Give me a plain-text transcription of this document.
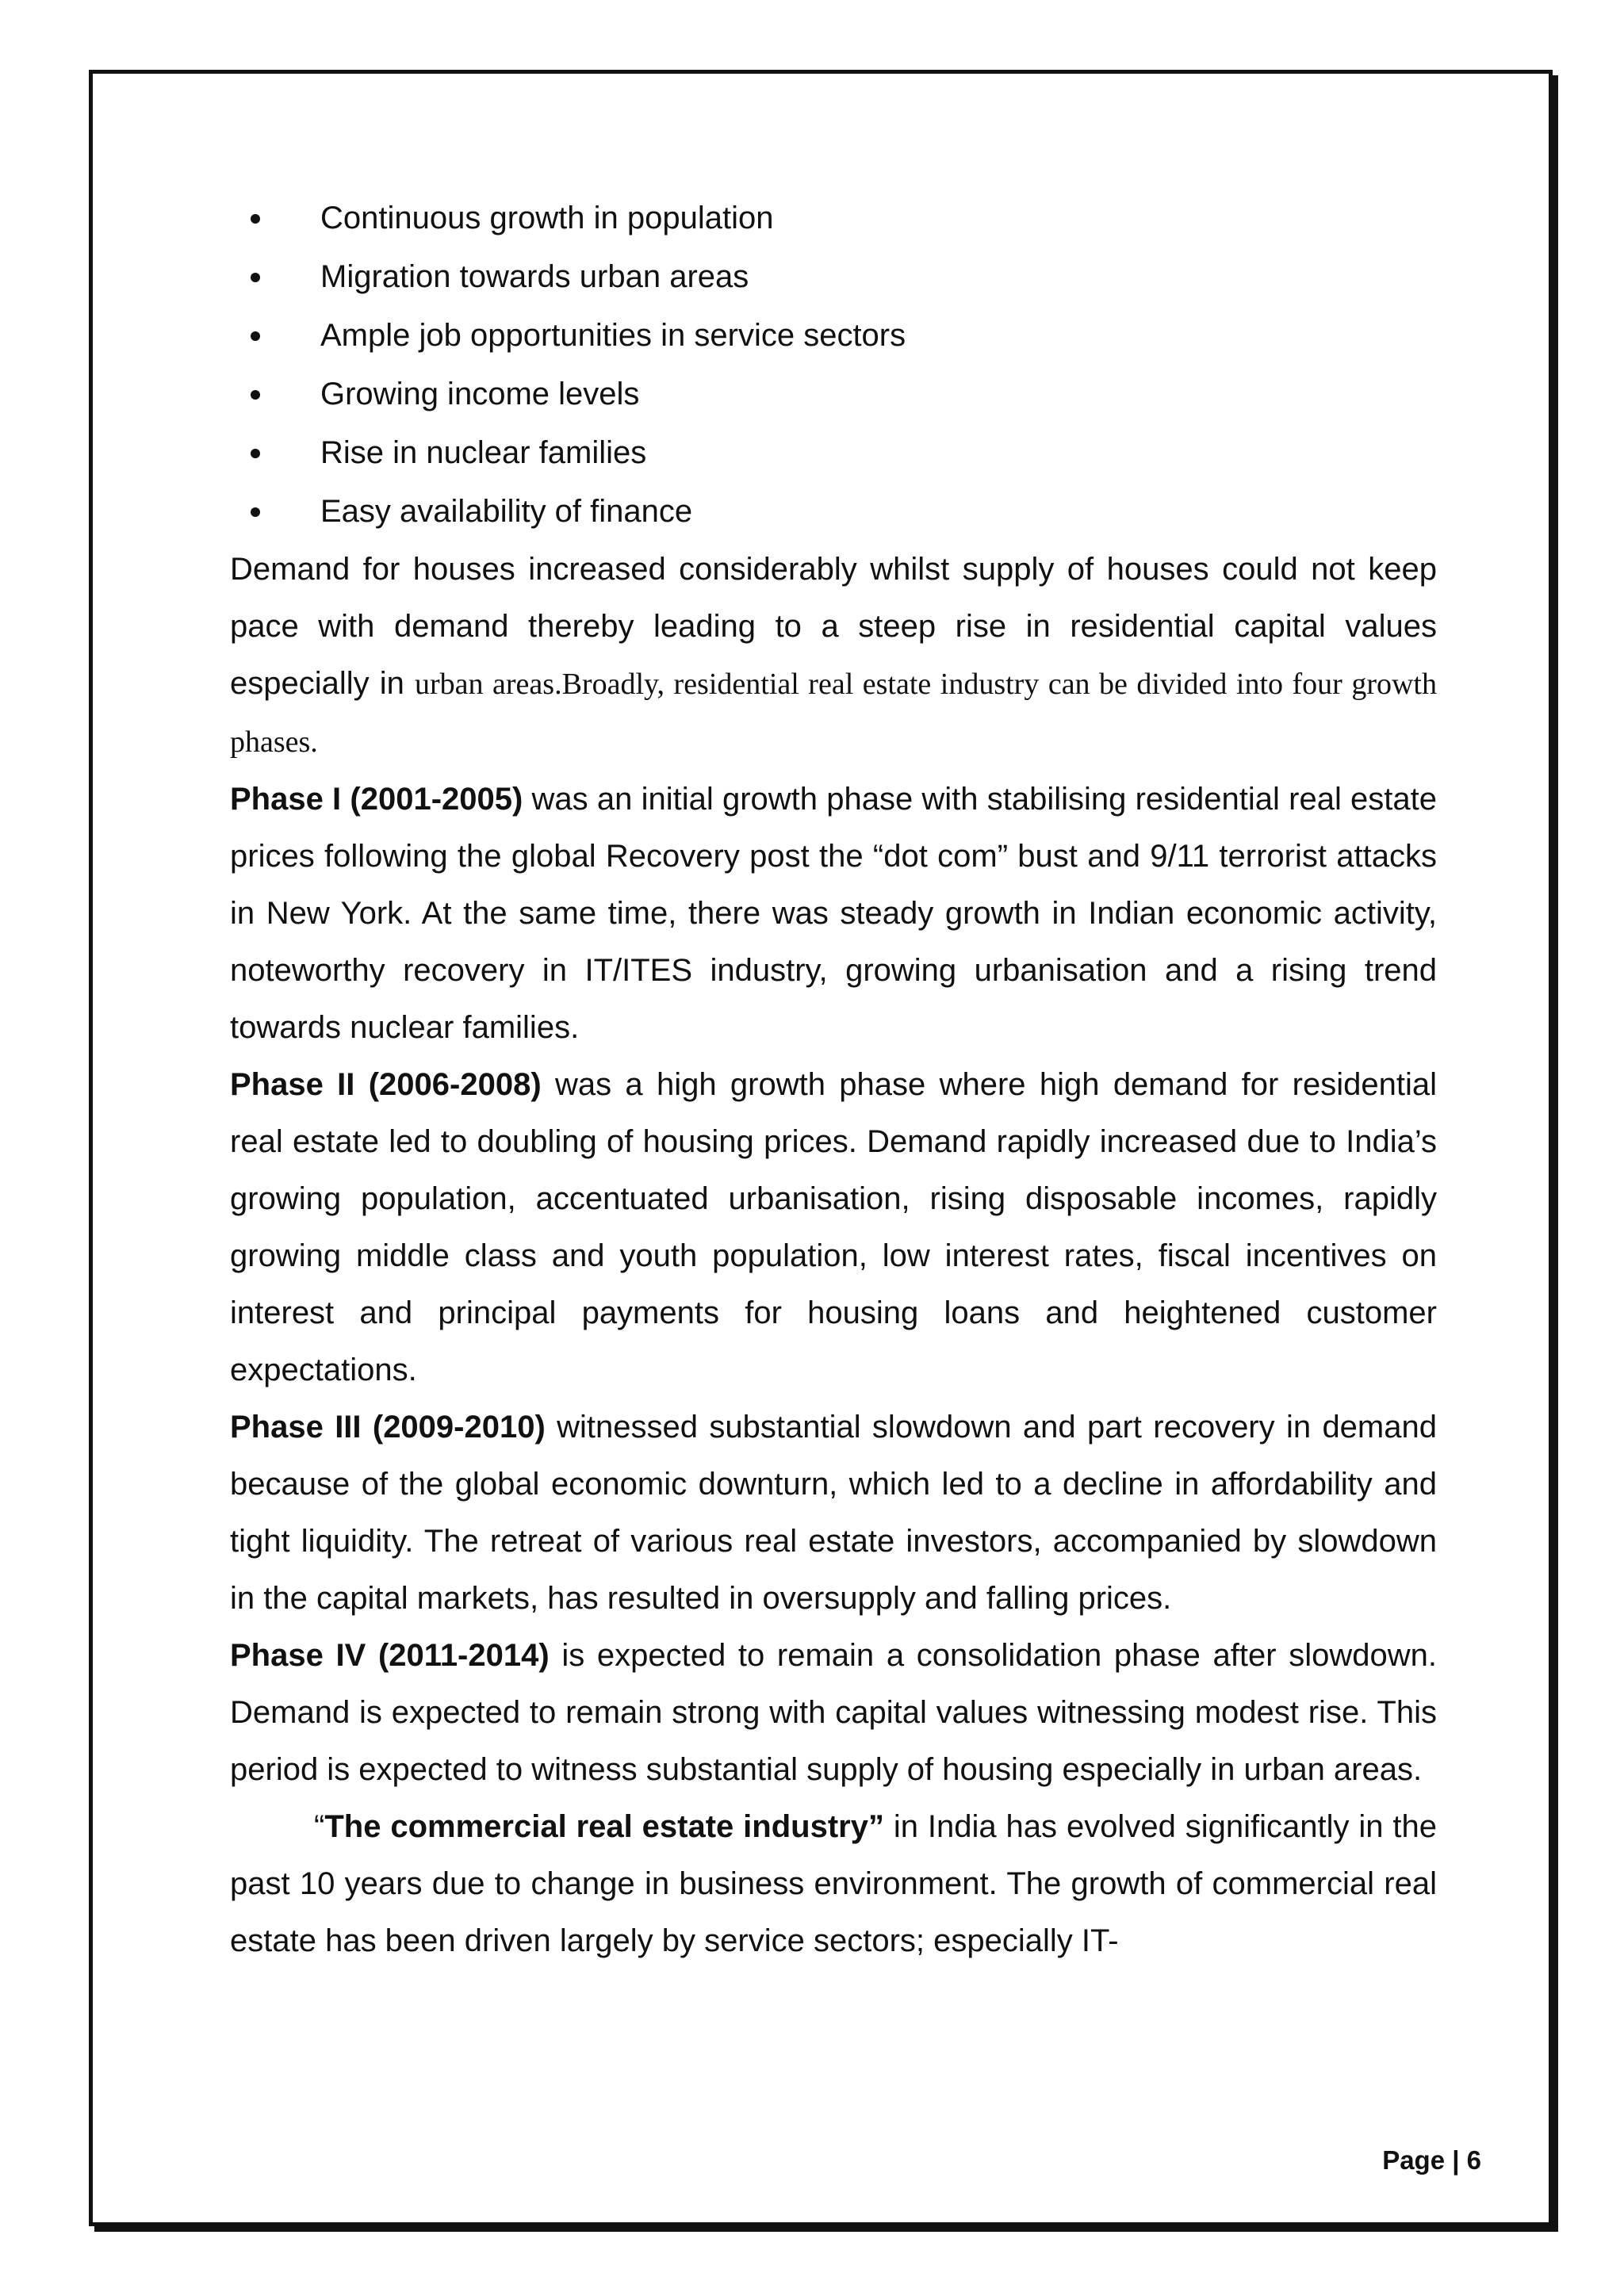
Continuous growth in population
Migration towards urban areas
Ample job opportunities in service sectors
Growing income levels
Rise in nuclear families
Easy availability of finance

Demand for houses increased considerably whilst supply of houses could not keep pace with demand thereby leading to a steep rise in residential capital values especially in urban areas.Broadly, residential real estate industry can be divided into four growth phases.

Phase I (2001-2005) was an initial growth phase with stabilising residential real estate prices following the global Recovery post the “dot com” bust and 9/11 terrorist attacks in New York. At the same time, there was steady growth in Indian economic activity, noteworthy recovery in IT/ITES industry, growing urbanisation and a rising trend towards nuclear families.

Phase II (2006-2008) was a high growth phase where high demand for residential real estate led to doubling of housing prices. Demand rapidly increased due to India’s growing population, accentuated urbanisation, rising disposable incomes, rapidly growing middle class and youth population, low interest rates, fiscal incentives on interest and principal payments for housing loans and heightened customer expectations.

Phase III (2009-2010) witnessed substantial slowdown and part recovery in demand because of the global economic downturn, which led to a decline in affordability and tight liquidity. The retreat of various real estate investors, accompanied by slowdown in the capital markets, has resulted in oversupply and falling prices.

Phase IV (2011-2014) is expected to remain a consolidation phase after slowdown. Demand is expected to remain strong with capital values witnessing modest rise. This period is expected to witness substantial supply of housing especially in urban areas.

“The commercial real estate industry” in India has evolved significantly in the past 10 years due to change in business environment. The growth of commercial real estate has been driven largely by service sectors; especially IT-

Page | 6
